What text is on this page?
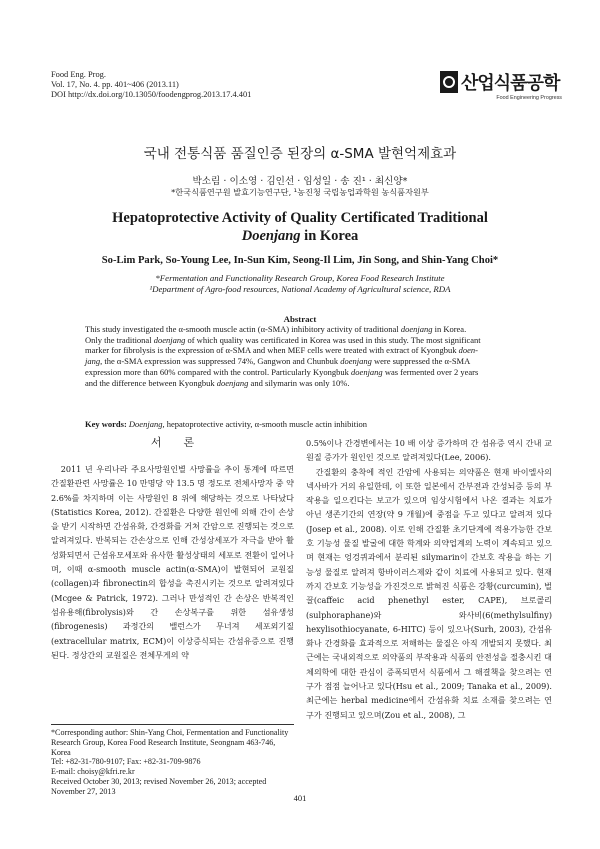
Food Eng. Prog.
Vol. 17, No. 4. pp. 401~406 (2013.11)
DOI http://dx.doi.org/10.13050/foodengprog.2013.17.4.401
산업식품공학
Food Engineering Progress
국내 전통식품 품질인증 된장의 α-SMA 발현억제효과
박소림 · 이소영 · 김인선 · 임성일 · 송 진¹ · 최신양*
*한국식품연구원 발효기능연구단, ¹농진청 국립농업과학원 농식품자원부
Hepatoprotective Activity of Quality Certificated Traditional
Doenjang in Korea
So-Lim Park, So-Young Lee, In-Sun Kim, Seong-Il Lim, Jin Song, and Shin-Yang Choi*
*Fermentation and Functionality Research Group, Korea Food Research Institute
¹Department of Agro-food resources, National Academy of Agricultural science, RDA
Abstract
This study investigated the α-smooth muscle actin (α-SMA) inhibitory activity of traditional doenjang in Korea.
Only the traditional doenjang of which quality was certificated in Korea was used in this study. The most significant
marker for fibrolysis is the expression of α-SMA and when MEF cells were treated with extract of Kyongbuk doen-
jang, the α-SMA expression was suppressed 74%, Gangwon and Chunbuk doenjang were suppressed the α-SMA
expression more than 60% compared with the control. Particularly Kyongbuk doenjang was fermented over 2 years
and the difference between Kyongbuk doenjang and silymarin was only 10%.
Key words: Doenjang, hepatoprotective activity, α-smooth muscle actin inhibition
서론

2011 년 우리나라 주요사망원인별 사망률을 추이 통계에 따르면 간질환관련 사망률은 10 만명당 약 13.5 명 정도로 전체사망자 중 약 2.6%를 차지하며 이는 사망원인 8 위에 해당하는 것으로 나타났다(Statistics Korea, 2012). 간질환은 다양한 원인에 의해 간이 손상을 받기 시작하면 간섬유화, 간경화를 거쳐 간암으로 진행되는 것으로 알려져있다. 반복되는 간손상으로 인해 간성상세포가 자극을 받아 활성화되면서 근섬유모세포와 유사한 활성상태의 세포로 전환이 일어나며, 이때 α-smooth muscle actin(α-SMA)이 발현되어 교원질(collagen)과 fibronectin의 합성을 촉진시키는 것으로 알려져있다(Mcgee & Patrick, 1972). 그러나 만성적인 간 손상은 반복적인 섬유용해(fibrolysis)와 간 손상복구를 위한 섬유생성(fibrogenesis) 과정간의 밸런스가 무너져 세포외기질(extracellular matrix, ECM)이 이상증식되는 간섬유증으로 진행된다. 정상간의 교원질은 전체무게의 약

0.5%이나 간경변에서는 10 배 이상 증가하며 간 섬유증 역시 간내 교원질 증가가 원인인 것으로 알려져있다(Lee, 2006).

간질환의 충착에 적인 간암에 사용되는 의약품은 현재 바이엘사의 넥사바가 거의 유일한데, 이 또한 일본에서 간부전과 간성뇌증 등의 부작용을 일으킨다는 보고가 있으며 임상시험에서 나온 결과는 치료가 아닌 생존기간의 연장(약 9 개월)에 중점을 두고 있다고 알려져 있다(Josep et al., 2008). 이로 인해 간질환 초기단계에 적용가능한 간보호 기능성 물질 발굴에 대한 학계와 의약업계의 노력이 계속되고 있으며 현재는 엉겅퀴과에서 분리된 silymarin이 간보호 작용을 하는 기능성 물질로 알려져 항바이러스제와 같이 치료에 사용되고 있다. 현재까지 간보호 기능성을 가진것으로 밝혀진 식품은 강황(curcumin), 벌꿀(caffeic acid phenethyl ester, CAPE), 브로콜리(sulphoraphane)와 와사비(6(methylsulfiny) hexylisothiocyanate, 6-HITC) 등이 있으나(Surh, 2003), 간섬유화나 간경화를 효과적으로 저해하는 물질은 아직 개발되지 못했다. 최근에는 국내외적으로 의약품의 부작용과 식품의 안전성을 절충시킨 대체의학에 대한 관심이 증폭되면서 식품에서 그 해결책을 찾으려는 연구가 점점 늘어나고 있다(Hsu et al., 2009; Tanaka et al., 2009). 최근에는 herbal medicine에서 간섬유화 치료 소재를 찾으려는 연구가 진행되고 있으며(Zou et al., 2008), 그

*Corresponding author: Shin-Yang Choi, Fermentation and Functionality Research Group, Korea Food Research Institute, Seongnam 463-746, Korea
Tel: +82-31-780-9107; Fax: +82-31-709-9876
E-mail: choisy@kfri.re.kr
Received October 30, 2013; revised November 26, 2013; accepted November 27, 2013
401
